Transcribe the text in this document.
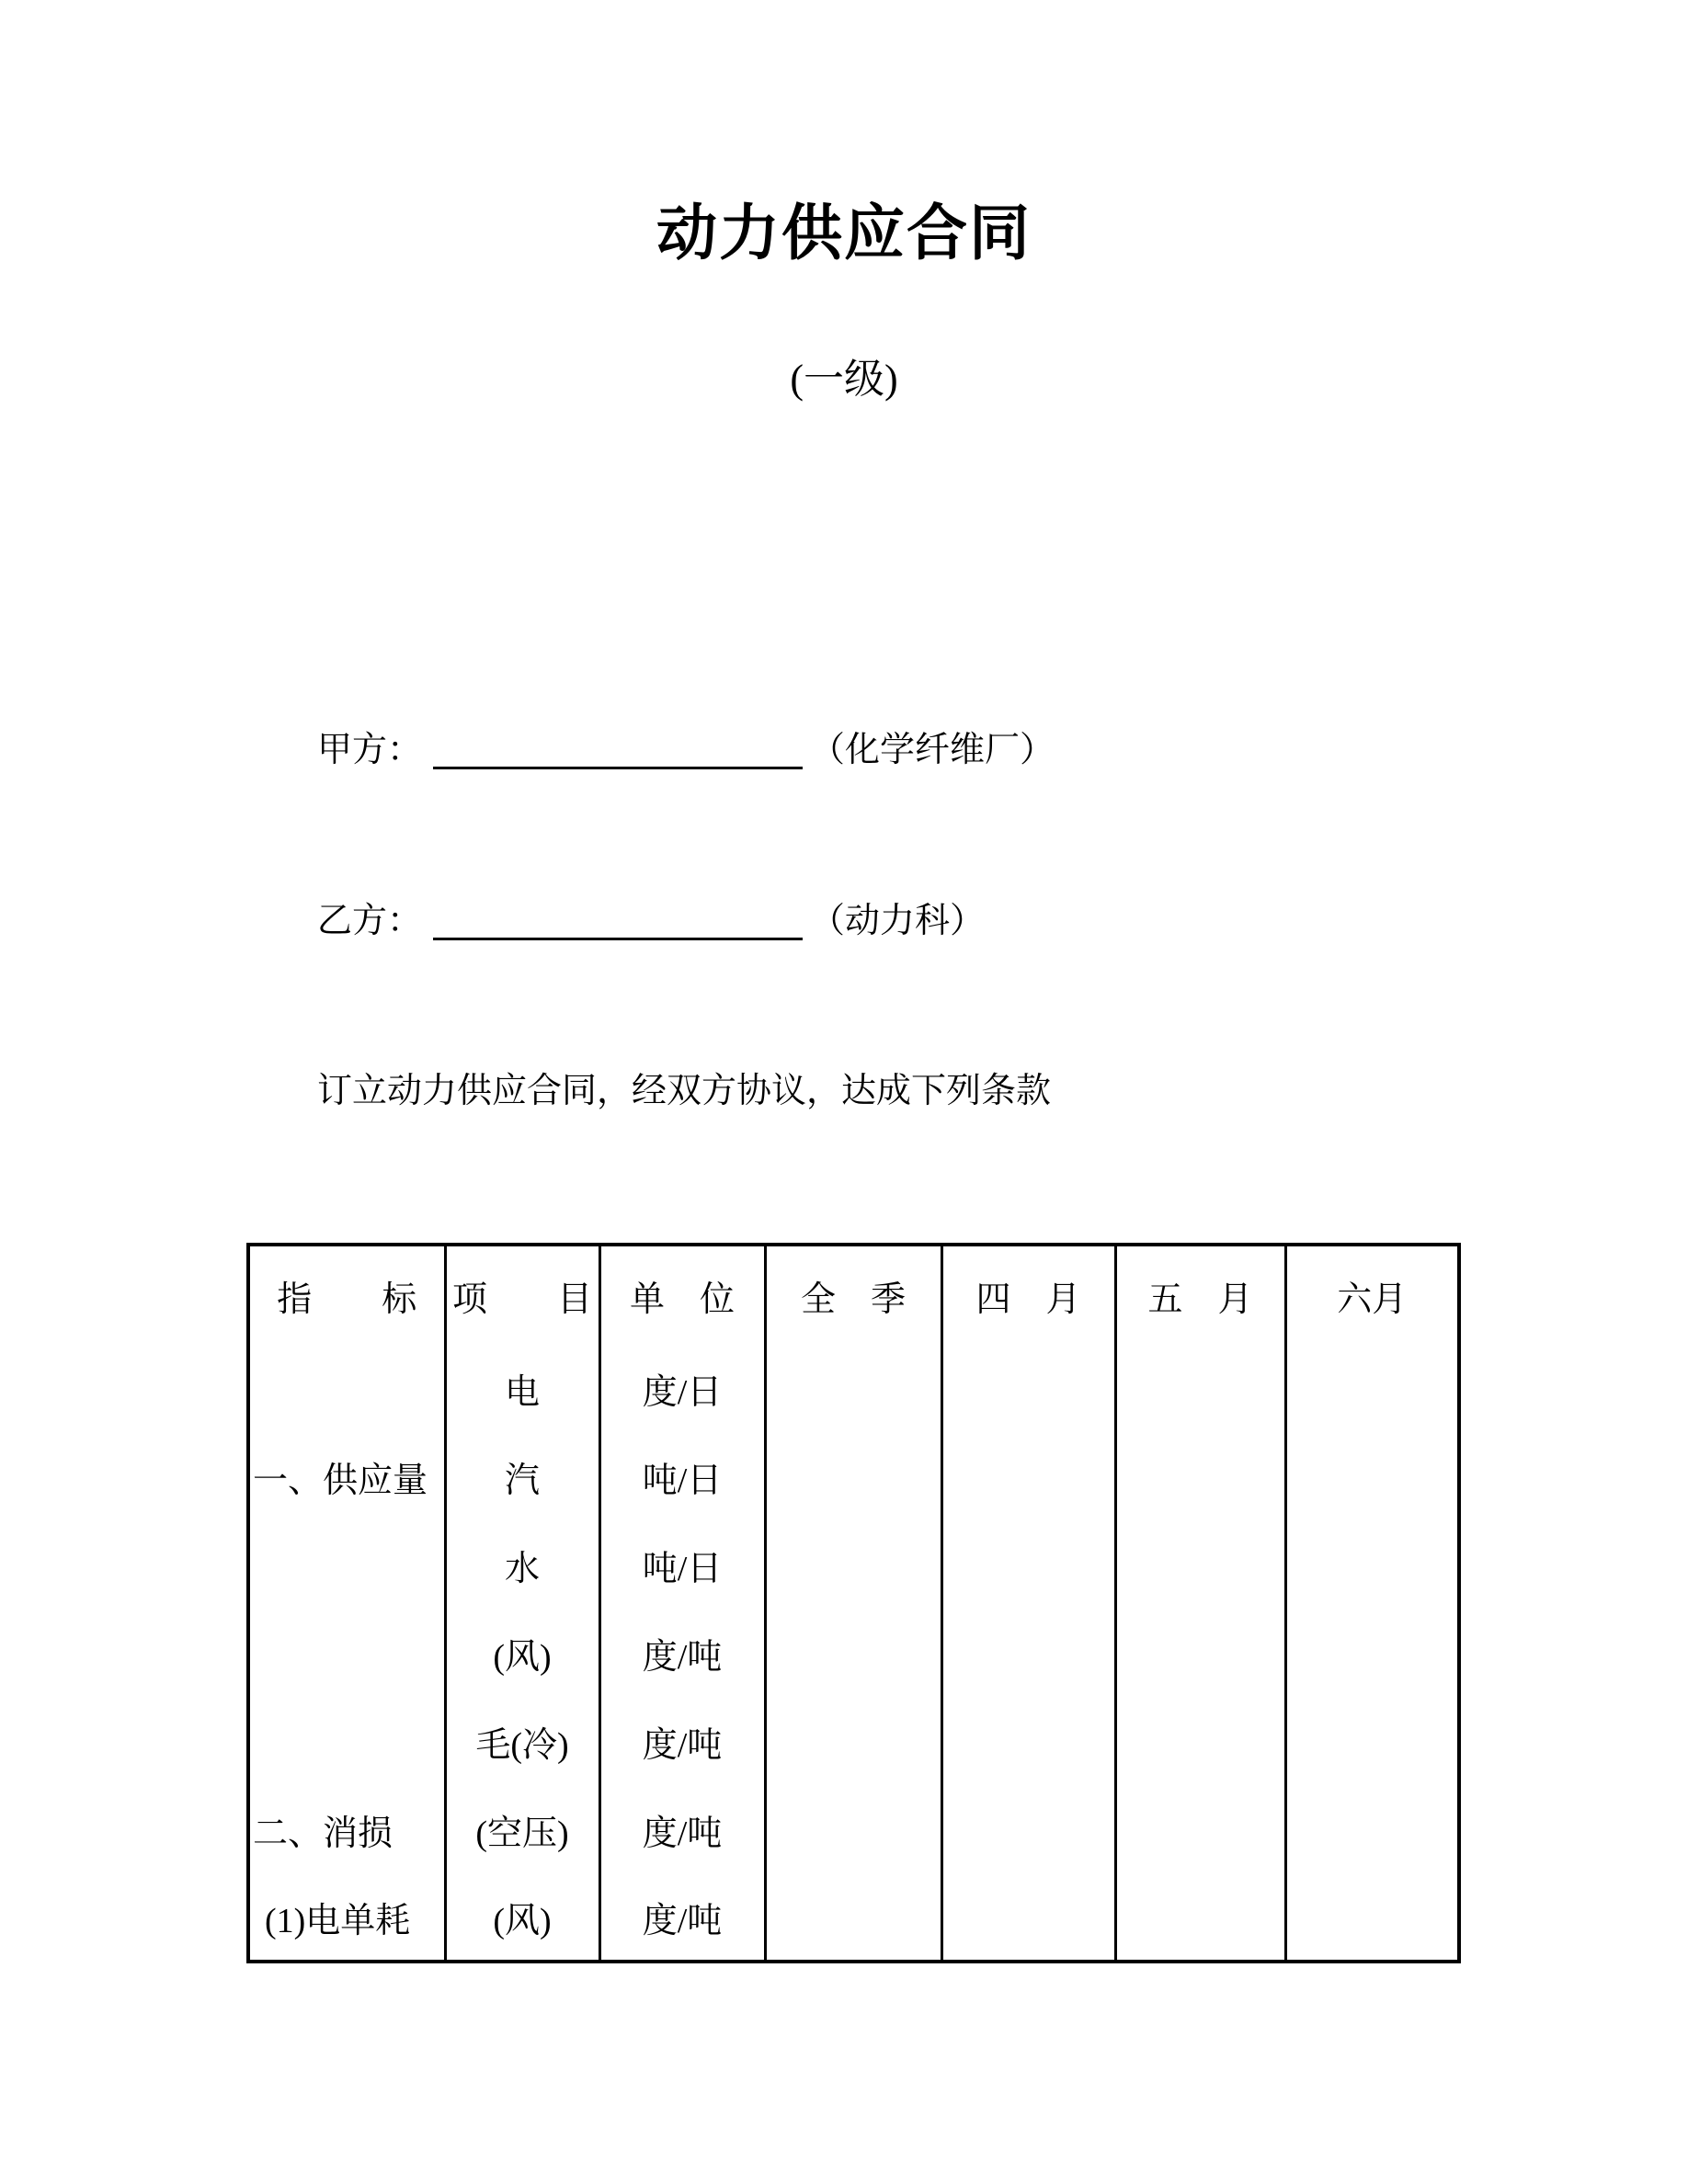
动力供应合同
(一级)
甲方：	（化学纤维厂）
乙方：	（动力科）

订立动力供应合同，经双方协议，达成下列条款

指　　标	项　　目	单　位	全　季	四　月	五　月	六月
	电	度/日				
一、供应量	汽	吨/日				
	水	吨/日				
	(风)	度/吨				
	毛(冷)	度/吨				
二、消损	(空压)	度/吨				
(1)电单耗	(风)	度/吨				
